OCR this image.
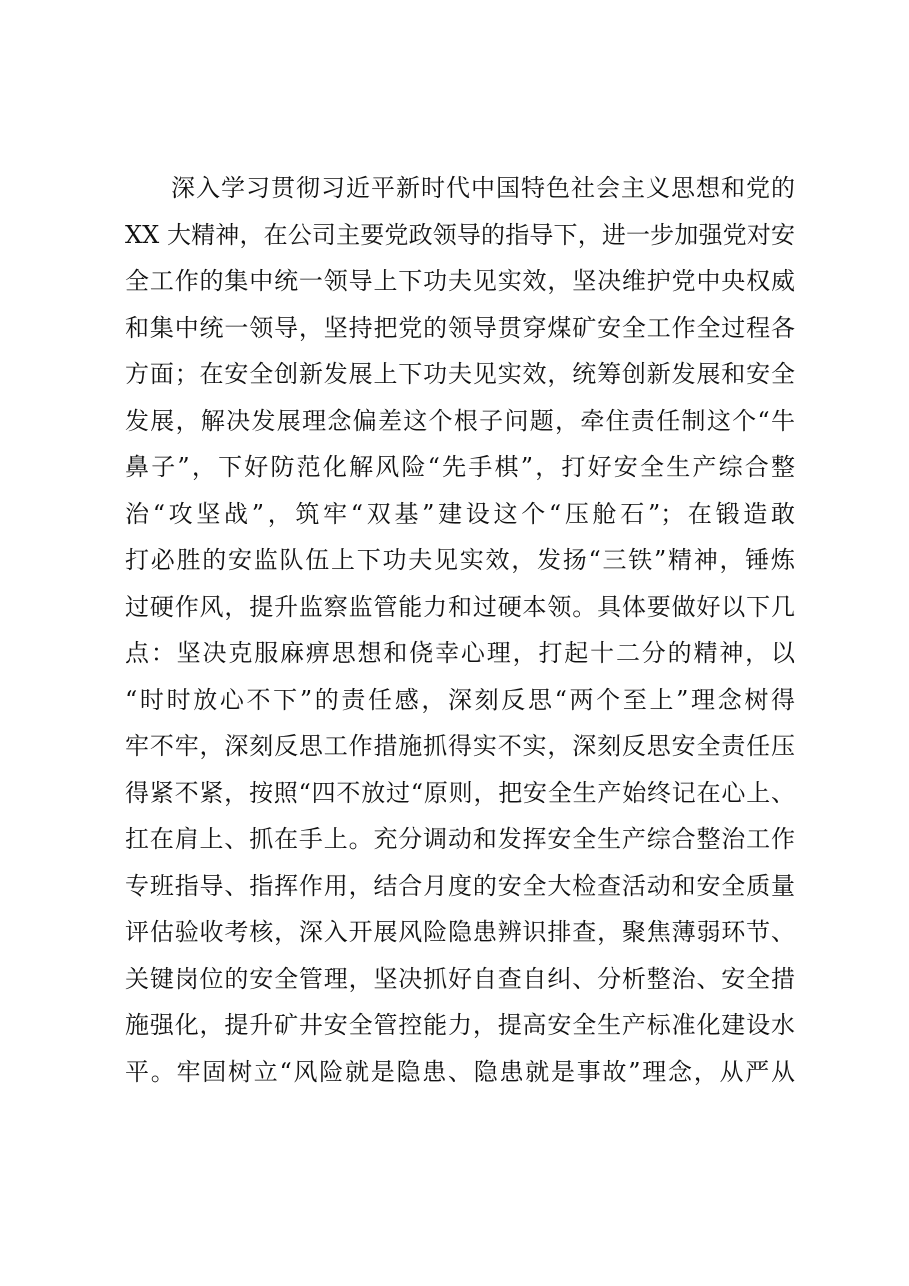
深入学习贯彻习近平新时代中国特色社会主义思想和党的
XX 大精神，在公司主要党政领导的指导下，进一步加强党对安
全工作的集中统一领导上下功夫见实效，坚决维护党中央权威
和集中统一领导，坚持把党的领导贯穿煤矿安全工作全过程各
方面；在安全创新发展上下功夫见实效，统筹创新发展和安全
发展，解决发展理念偏差这个根子问题，牵住责任制这个“牛
鼻子”，下好防范化解风险“先手棋”，打好安全生产综合整
治“攻坚战”，筑牢“双基”建设这个“压舱石”；在锻造敢
打必胜的安监队伍上下功夫见实效，发扬“三铁”精神，锤炼
过硬作风，提升监察监管能力和过硬本领。具体要做好以下几
点：坚决克服麻痹思想和侥幸心理，打起十二分的精神，以
“时时放心不下”的责任感，深刻反思“两个至上”理念树得
牢不牢，深刻反思工作措施抓得实不实，深刻反思安全责任压
得紧不紧，按照“四不放过“原则，把安全生产始终记在心上、
扛在肩上、抓在手上。充分调动和发挥安全生产综合整治工作
专班指导、指挥作用，结合月度的安全大检查活动和安全质量
评估验收考核，深入开展风险隐患辨识排查，聚焦薄弱环节、
关键岗位的安全管理，坚决抓好自查自纠、分析整治、安全措
施强化，提升矿井安全管控能力，提高安全生产标准化建设水
平。牢固树立“风险就是隐患、隐患就是事故”理念，从严从
